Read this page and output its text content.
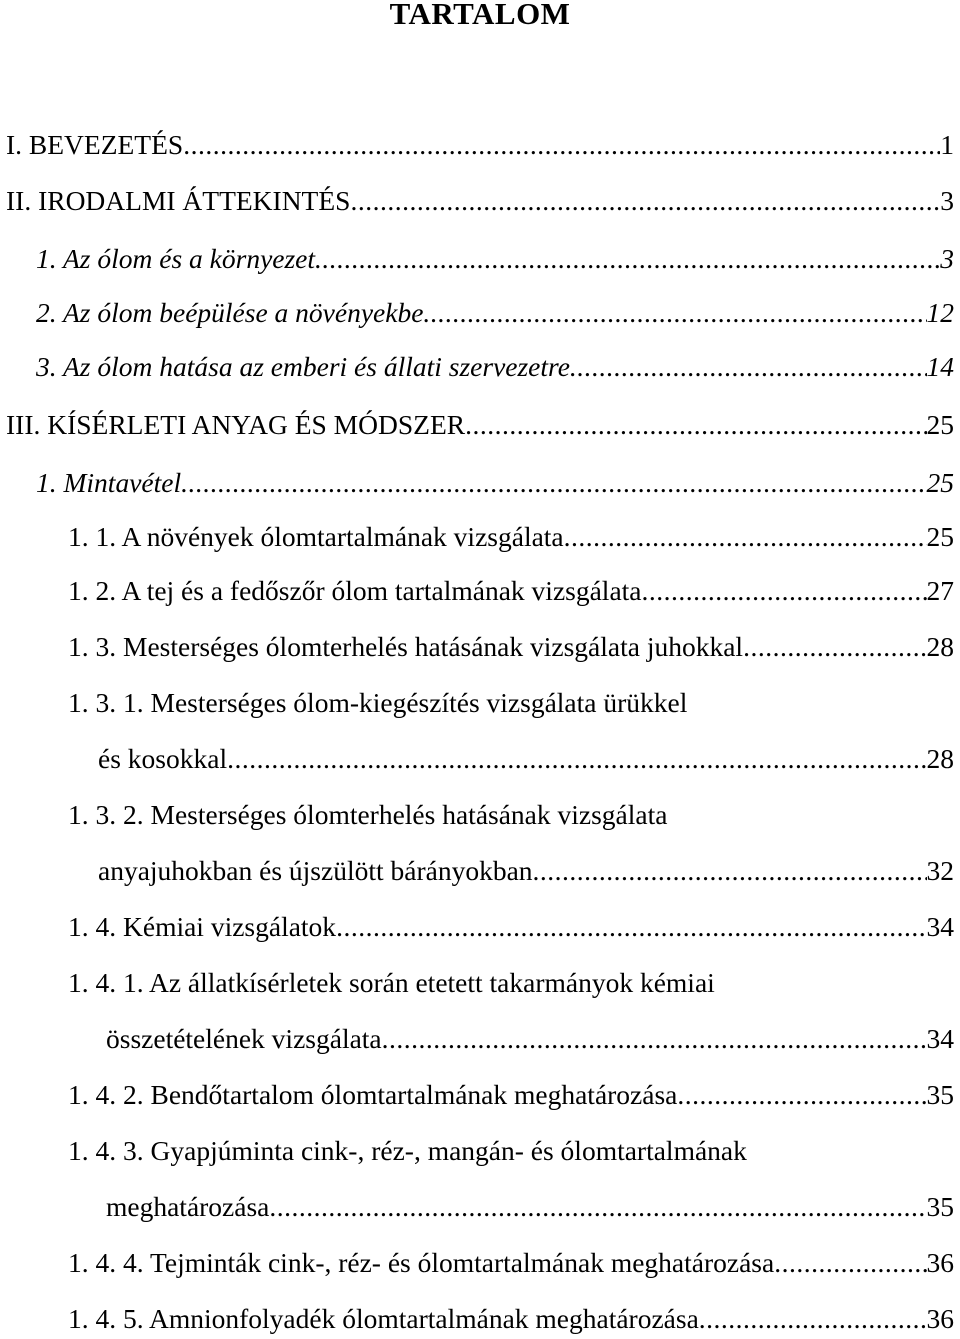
TARTALOM
I. BEVEZETÉS .....	1
II. IRODALMI ÁTTEKINTÉS .....	3
1. Az ólom és a környezet .....	3
2. Az ólom beépülése a növényekbe .....	12
3. Az ólom hatása az emberi és állati szervezetre .....	14
III. KÍSÉRLETI ANYAG ÉS MÓDSZER .....	25
1. Mintavétel .....	25
1. 1. A növények ólomtartalmának vizsgálata .....	25
1. 2. A tej és a fedőszőr ólom tartalmának vizsgálata .....	27
1. 3. Mesterséges ólomterhelés hatásának vizsgálata juhokkal .....	28
1. 3. 1. Mesterséges ólom-kiegészítés vizsgálata ürükkel
és kosokkal .....	28
1. 3. 2. Mesterséges ólomterhelés hatásának vizsgálata
anyajuhokban és újszülött bárányokban .....	32
1. 4. Kémiai vizsgálatok .....	34
1. 4. 1. Az állatkísérletek során etetett takarmányok kémiai
összetételének vizsgálata .....	34
1. 4. 2. Bendőtartalom ólomtartalmának meghatározása .....	35
1. 4. 3. Gyapjúminta cink-, réz-, mangán- és ólomtartalmának
meghatározása .....	35
1. 4. 4. Tejminták cink-, réz- és ólomtartalmának meghatározása .....	36
1. 4. 5. Amnionfolyadék ólomtartalmának meghatározása .....	36
